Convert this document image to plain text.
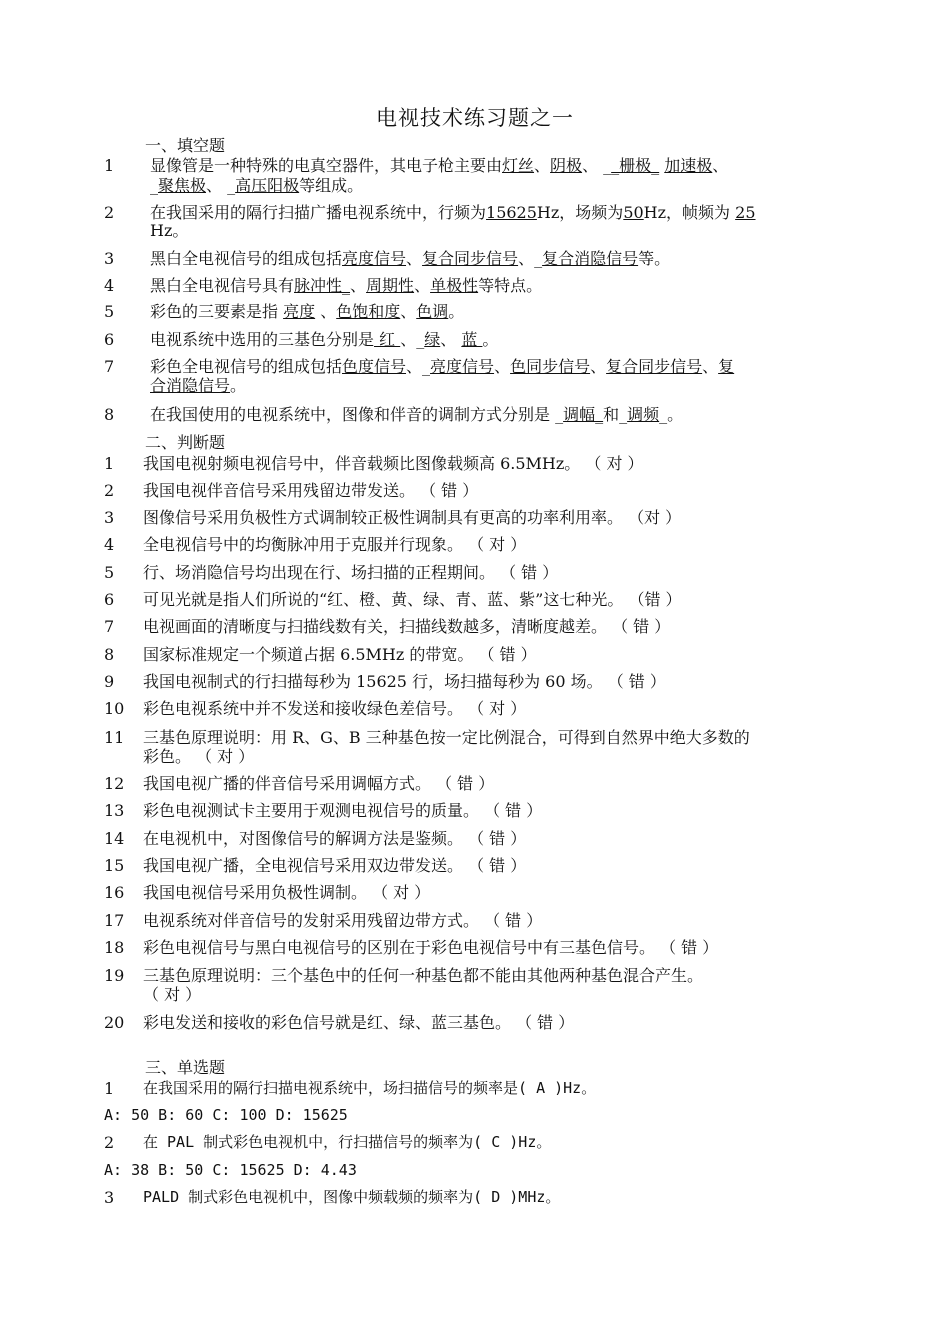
电视技术练习题之一
一、填空题
二、判断题
三、单选题
1	显像管是一种特殊的电真空器件，其电子枪主要由灯丝、阴极、 __栅极_ 加速极、
_聚焦极、 _高压阳极等组成。
2	在我国采用的隔行扫描广播电视系统中，行频为15625Hz，场频为50Hz，帧频为 25
Hz。
3	黑白全电视信号的组成包括亮度信号、复合同步信号、_复合消隐信号等。
4	黑白全电视信号具有脉冲性_、周期性、单极性等特点。
5	彩色的三要素是指 亮度 、色饱和度、色调。
6	电视系统中选用的三基色分别是 红 、_绿、 蓝 。
7	彩色全电视信号的组成包括色度信号、_亮度信号、色同步信号、复合同步信号、复
合消隐信号。
8	在我国使用的电视系统中，图像和伴音的调制方式分别是 _调幅_和_调频_。
1	我国电视射频电视信号中，伴音载频比图像载频高 6.5MHz。 （ 对 ）
2	我国电视伴音信号采用残留边带发送。 （ 错 ）
3	图像信号采用负极性方式调制较正极性调制具有更高的功率利用率。 （对 ）
4	全电视信号中的均衡脉冲用于克服并行现象。 （ 对 ）
5	行、场消隐信号均出现在行、场扫描的正程期间。 （ 错 ）
6	可见光就是指人们所说的“红、橙、黄、绿、青、蓝、紫”这七种光。 （错 ）
7	电视画面的清晰度与扫描线数有关，扫描线数越多，清晰度越差。 （ 错 ）
8	国家标准规定一个频道占据 6.5MHz 的带宽。 （ 错 ）
9	我国电视制式的行扫描每秒为 15625 行，场扫描每秒为 60 场。 （ 错 ）
10	彩色电视系统中并不发送和接收绿色差信号。 （ 对 ）
11	三基色原理说明：用 R、G、B 三种基色按一定比例混合，可得到自然界中绝大多数的
彩色。 （ 对 ）
12	我国电视广播的伴音信号采用调幅方式。 （ 错 ）
13	彩色电视测试卡主要用于观测电视信号的质量。 （ 错 ）
14	在电视机中，对图像信号的解调方法是鉴频。 （ 错 ）
15	我国电视广播，全电视信号采用双边带发送。 （ 错 ）
16	我国电视信号采用负极性调制。 （ 对 ）
17	电视系统对伴音信号的发射采用残留边带方式。 （ 错 ）
18	彩色电视信号与黑白电视信号的区别在于彩色电视信号中有三基色信号。 （ 错 ）
19	三基色原理说明：三个基色中的任何一种基色都不能由其他两种基色混合产生。
（ 对 ）
20	彩电发送和接收的彩色信号就是红、绿、蓝三基色。 （ 错 ）
1	在我国采用的隔行扫描电视系统中，场扫描信号的频率是( A )Hz。
A: 50 B: 60 C: 100 D: 15625
2	在 PAL 制式彩色电视机中，行扫描信号的频率为( C )Hz。
A: 38 B: 50 C: 15625 D: 4.43
3	PALD 制式彩色电视机中，图像中频载频的频率为( D )MHz。
